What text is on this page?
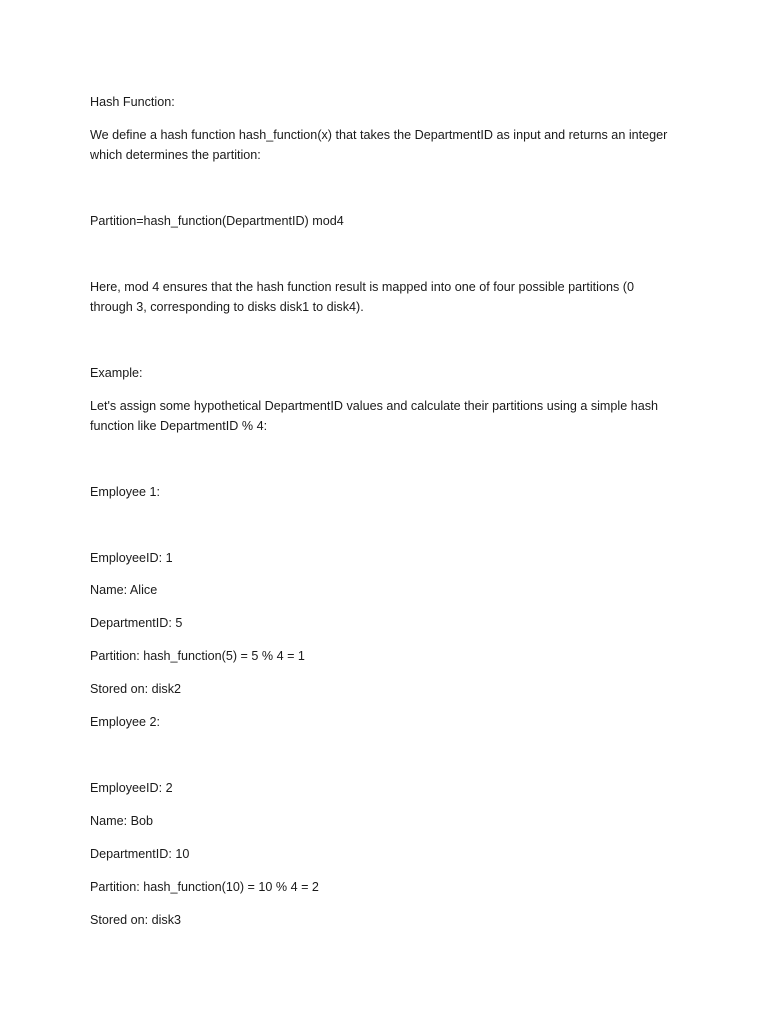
Hash Function:

We define a hash function hash_function(x) that takes the DepartmentID as input and returns an integer

which determines the partition:

Partition=hash_function(DepartmentID) mod4

Here, mod 4 ensures that the hash function result is mapped into one of four possible partitions (0

through 3, corresponding to disks disk1 to disk4).

Example:

Let's assign some hypothetical DepartmentID values and calculate their partitions using a simple hash

function like DepartmentID % 4:

Employee 1:

EmployeeID: 1

Name: Alice

DepartmentID: 5

Partition: hash_function(5) = 5 % 4 = 1

Stored on: disk2

Employee 2:

EmployeeID: 2

Name: Bob

DepartmentID: 10

Partition: hash_function(10) = 10 % 4 = 2

Stored on: disk3
